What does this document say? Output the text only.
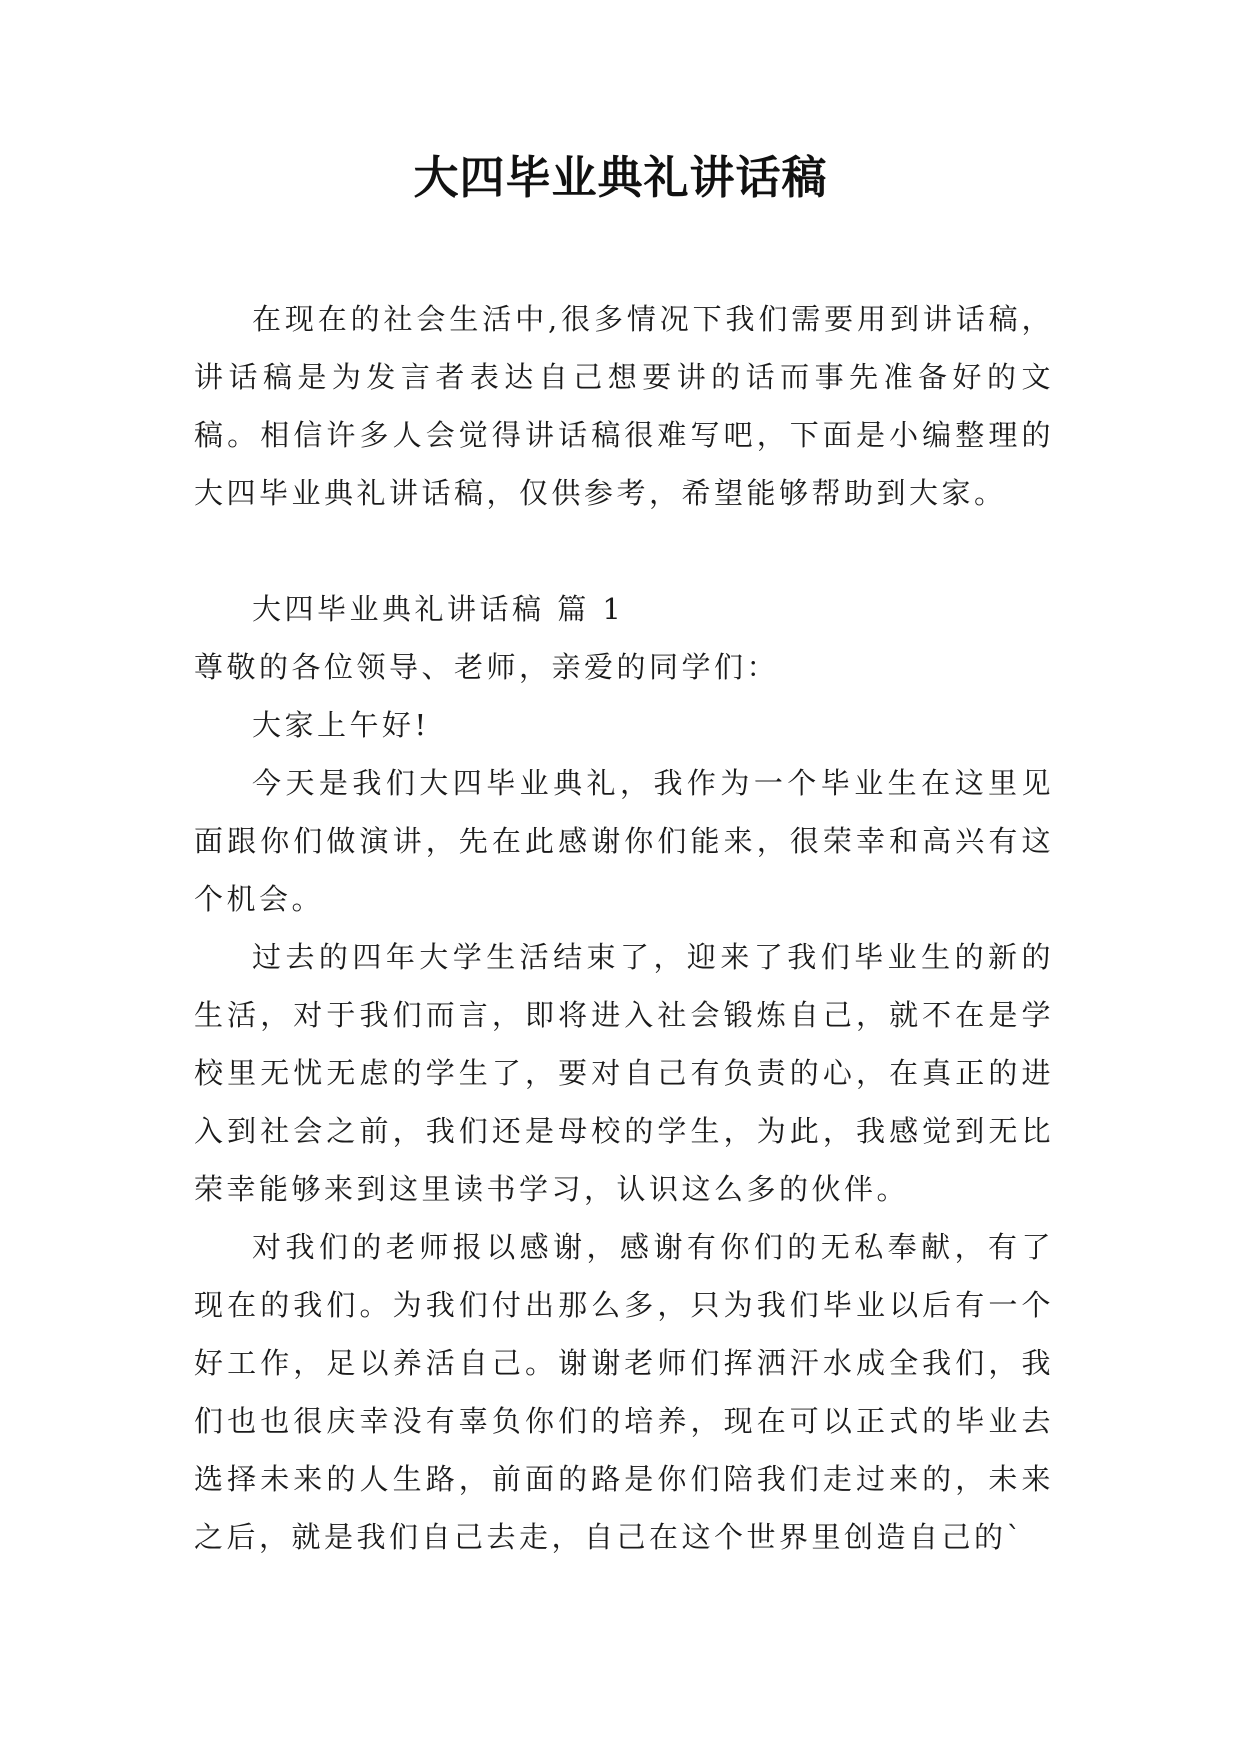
大四毕业典礼讲话稿

在现在的社会生活中,很多情况下我们需要用到讲话稿，讲话稿是为发言者表达自己想要讲的话而事先准备好的文稿。相信许多人会觉得讲话稿很难写吧，下面是小编整理的大四毕业典礼讲话稿，仅供参考，希望能够帮助到大家。

大四毕业典礼讲话稿 篇 1

尊敬的各位领导、老师，亲爱的同学们：

大家上午好!

今天是我们大四毕业典礼，我作为一个毕业生在这里见面跟你们做演讲，先在此感谢你们能来，很荣幸和高兴有这个机会。

过去的四年大学生活结束了，迎来了我们毕业生的新的生活，对于我们而言，即将进入社会锻炼自己，就不在是学校里无忧无虑的学生了，要对自己有负责的心，在真正的进入到社会之前，我们还是母校的学生，为此，我感觉到无比荣幸能够来到这里读书学习，认识这么多的伙伴。

对我们的老师报以感谢，感谢有你们的无私奉献，有了现在的我们。为我们付出那么多，只为我们毕业以后有一个好工作，足以养活自己。谢谢老师们挥洒汗水成全我们，我们也也很庆幸没有辜负你们的培养，现在可以正式的毕业去选择未来的人生路，前面的路是你们陪我们走过来的，未来之后，就是我们自己去走，自己在这个世界里创造自己的`
